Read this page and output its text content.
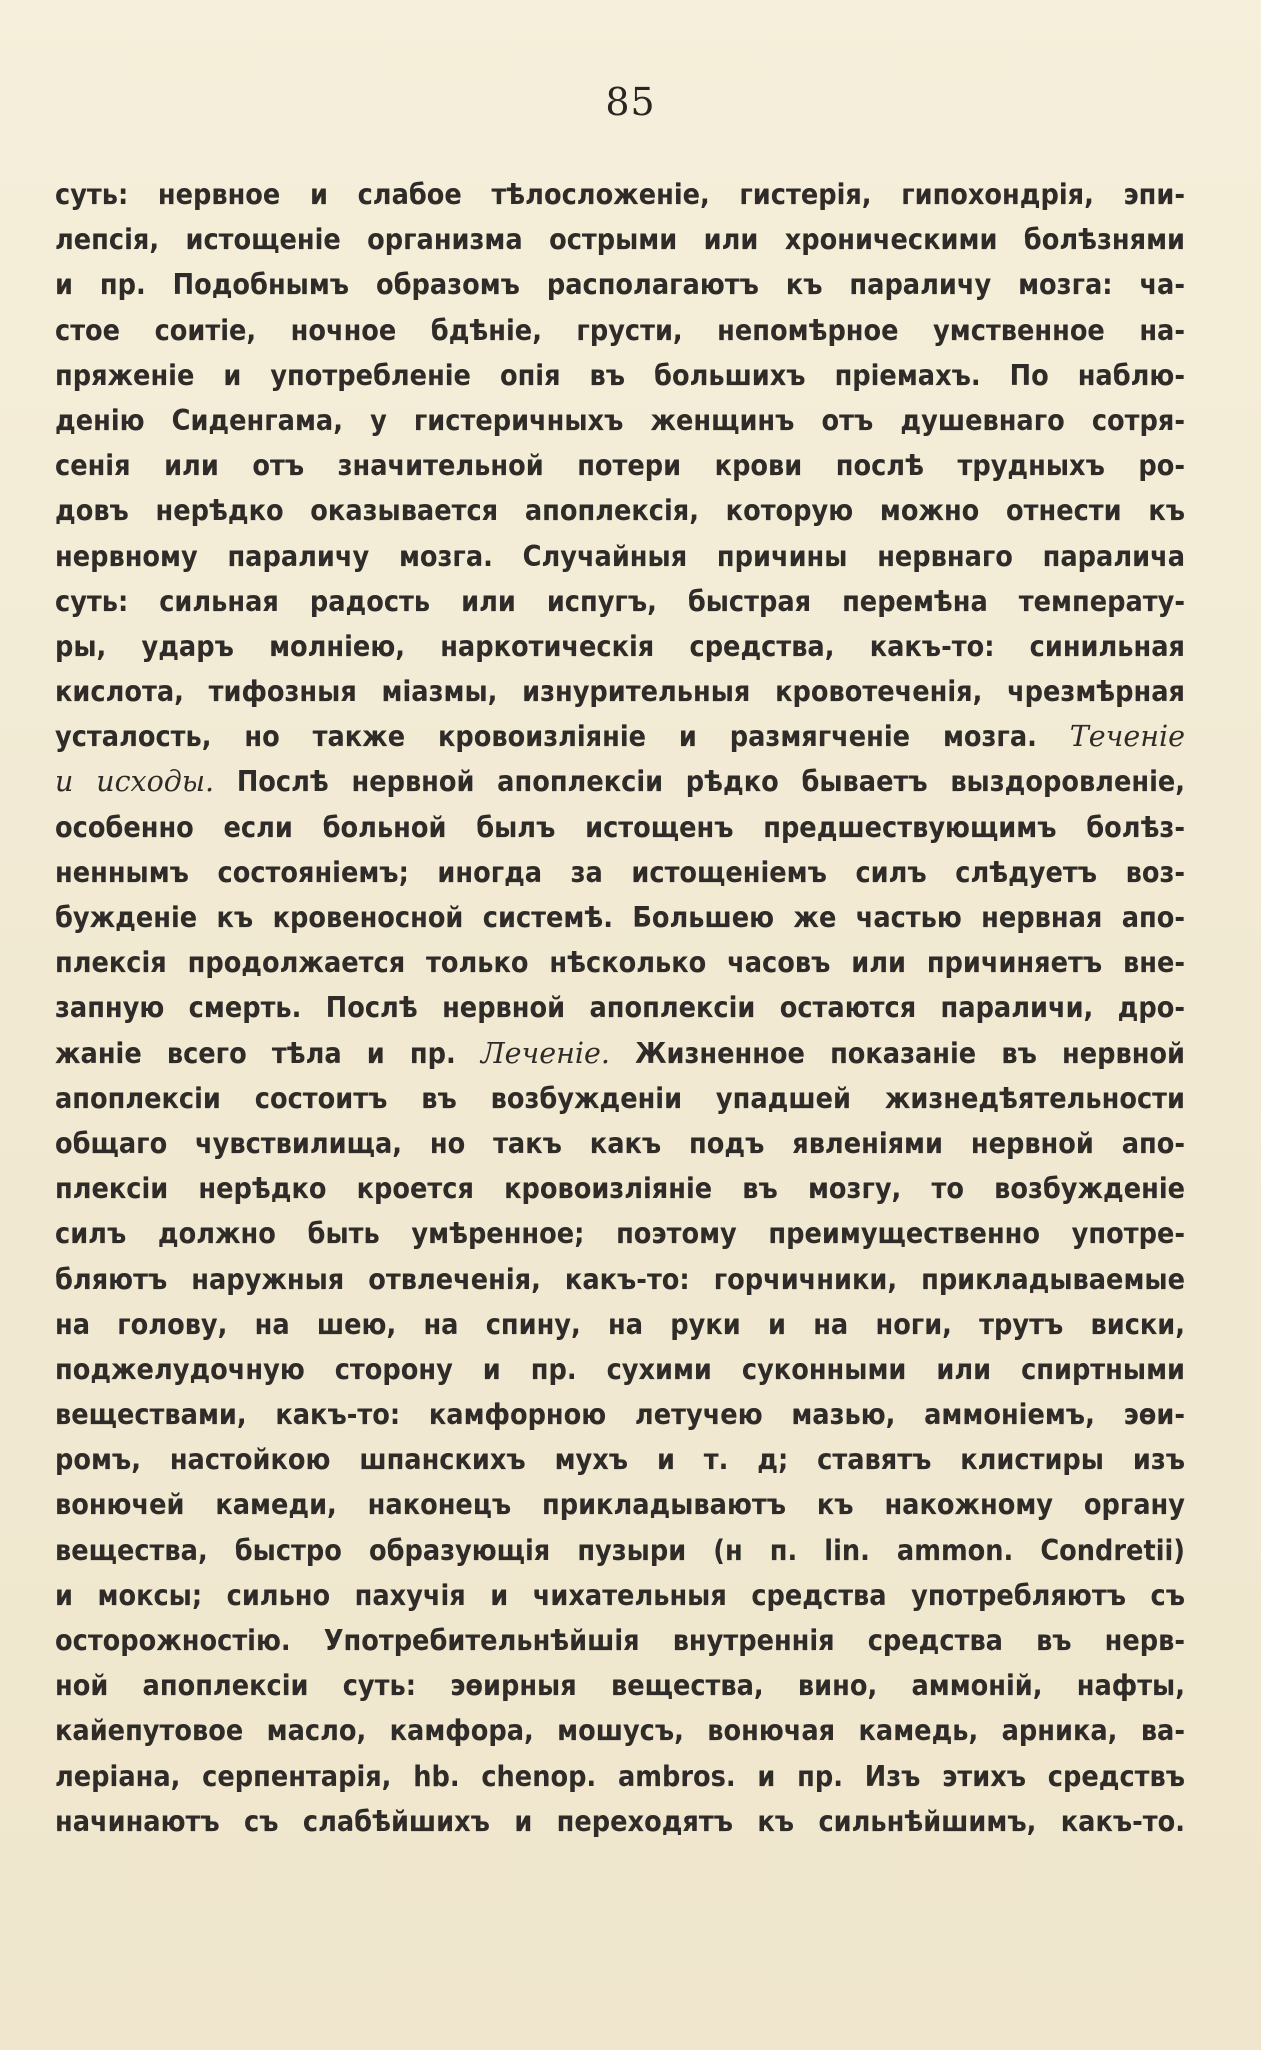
85
суть: нервное и слабое тѣлосложеніе, гистерія, гипохондрія, эпи-
лепсія, истощеніе организма острыми или хроническими болѣзнями
и пр. Подобнымъ образомъ располагаютъ къ параличу мозга: ча-
стое соитіе, ночное бдѣніе, грусти, непомѣрное умственное на-
пряженіе и употребленіе опія въ большихъ пріемахъ. По наблю-
денію Сиденгама, у гистеричныхъ женщинъ отъ душевнаго сотря-
сенія или отъ значительной потери крови послѣ трудныхъ ро-
довъ нерѣдко оказывается апоплексія, которую можно отнести къ
нервному параличу мозга. Случайныя причины нервнаго паралича
суть: сильная радость или испугъ, быстрая перемѣна температу-
ры, ударъ молніею, наркотическія средства, какъ-то: синильная
кислота, тифозныя міазмы, изнурительныя кровотеченія, чрезмѣрная
усталость, но также кровоизліяніе и размягченіе мозга. Теченіе
и исходы. Послѣ нервной апоплексіи рѣдко бываетъ выздоровленіе,
особенно если больной былъ истощенъ предшествующимъ болѣз-
неннымъ состояніемъ; иногда за истощеніемъ силъ слѣдуетъ воз-
бужденіе къ кровеносной системѣ. Большею же частью нервная апо-
плексія продолжается только нѣсколько часовъ или причиняетъ вне-
запную смерть. Послѣ нервной апоплексіи остаются параличи, дро-
жаніе всего тѣла и пр. Леченіе. Жизненное показаніе въ нервной
апоплексіи состоитъ въ возбужденіи упадшей жизнедѣятельности
общаго чувствилища, но такъ какъ подъ явленіями нервной апо-
плексіи нерѣдко кроется кровоизліяніе въ мозгу, то возбужденіе
силъ должно быть умѣренное; поэтому преимущественно употре-
бляютъ наружныя отвлеченія, какъ-то: горчичники, прикладываемые
на голову, на шею, на спину, на руки и на ноги, трутъ виски,
поджелудочную сторону и пр. сухими суконными или спиртными
веществами, какъ-то: камфорною летучею мазью, аммоніемъ, эѳи-
ромъ, настойкою шпанскихъ мухъ и т. д; ставятъ клистиры изъ
вонючей камеди, наконецъ прикладываютъ къ накожному органу
вещества, быстро образующія пузыри (н п. lin. ammon. Condretii)
и моксы; сильно пахучія и чихательныя средства употребляютъ съ
осторожностію. Употребительнѣйшія внутреннія средства въ нерв-
ной апоплексіи суть: эѳирныя вещества, вино, аммоній, нафты,
кайепутовое масло, камфора, мошусъ, вонючая камедь, арника, ва-
леріана, серпентарія, hb. chenop. ambros. и пр. Изъ этихъ средствъ
начинаютъ съ слабѣйшихъ и переходятъ къ сильнѣйшимъ, какъ-то.
